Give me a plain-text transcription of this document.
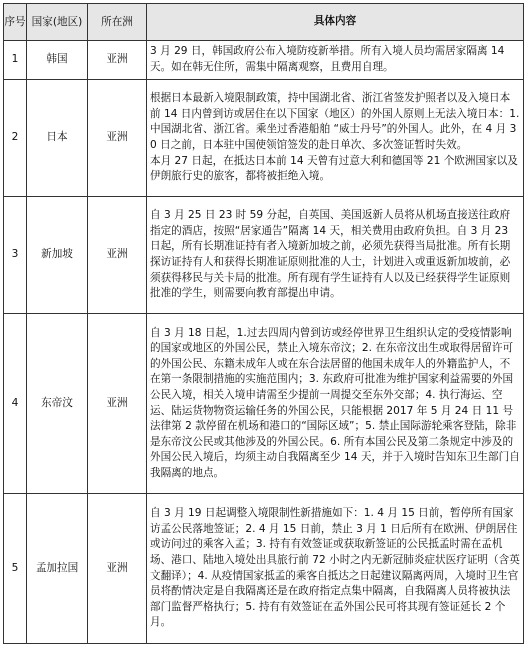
序号	国家(地区)	所在洲	具体内容
1	韩国	亚洲	3 月 29 日，韩国政府公布入境防疫新举措。所有入境人员均需居家隔离 14 天。如在韩无住所，需集中隔离观察，且费用自理。
2	日本	亚洲	根据日本最新入境限制政策，持中国湖北省、浙江省签发护照者以及入境日本前 14 日内曾到访或居住在以下国家（地区）的外国人原则上无法入境日本：1. 中国湖北省、浙江省。乘坐过香港船舶 “威士丹号”的外国人。此外，在 4 月 30 日之前，日本驻中国使领馆签发的赴日单次、多次签证暂时失效。
本月 27 日起，在抵达日本前 14 天曾有过意大利和德国等 21 个欧洲国家以及伊朗旅行史的旅客，都将被拒绝入境。
3	新加坡	亚洲	自 3 月 25 日 23 时 59 分起，自英国、美国返新人员将从机场直接送往政府指定的酒店，按照“居家通告”隔离 14 天，相关费用由政府负担。自 3 月 23 日起，所有长期准证持有者入境新加坡之前，必须先获得当局批准。所有长期探访证持有人和获得长期准证原则批准的人士，计划进入或重返新加坡前，必须获得移民与关卡局的批准。所有现有学生证持有人以及已经获得学生证原则批准的学生，则需要向教育部提出申请。
4	东帝汶	亚洲	自 3 月 18 日起，1.过去四周内曾到访或经停世界卫生组织认定的受疫情影响的国家或地区的外国公民，禁止入境东帝汶；2. 在东帝汶出生或取得居留许可的外国公民、东籍未成年人或在东合法居留的他国未成年人的外籍监护人，不在第一条限制措施的实施范围内；3. 东政府可批准为维护国家利益需要的外国公民入境，相关入境申请需至少提前一周提交至东外交部；4. 执行海运、空运、陆运货物物资运输任务的外国公民，只能根据 2017 年 5 月 24 日 11 号法律第 2 款停留在机场和港口的“国际区域”；5. 禁止国际游轮乘客登陆，除非是东帝汶公民或其他涉及的外国公民。6. 所有本国公民及第二条规定中涉及的外国公民入境后，均须主动自我隔离至少 14 天，并于入境时告知东卫生部门自我隔离的地点。
5	孟加拉国	亚洲	自 3 月 19 日起调整入境限制性新措施如下：1. 4 月 15 日前，暂停所有国家访孟公民落地签证；2. 4 月 15 日前，禁止 3 月 1 日后所有在欧洲、伊朗居住或访问过的乘客入孟；3. 持有有效签证或获取新签证的公民抵孟时需在孟机场、港口、陆地入境处出具旅行前 72 小时之内无新冠肺炎症状医疗证明（含英文翻译）；4. 从疫情国家抵孟的乘客自抵达之日起建议隔离两周，入境时卫生官员将酌情决定是自我隔离还是在政府指定点集中隔离，自我隔离人员将被执法部门监督严格执行；5. 持有有效签证在孟外国公民可将其现有签证延长 2 个月。
